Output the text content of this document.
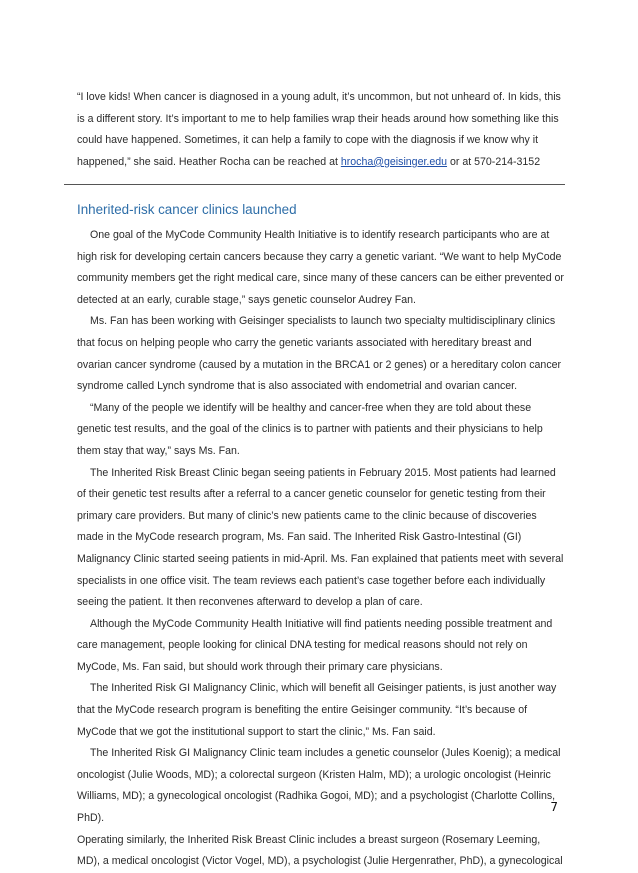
“I love kids! When cancer is diagnosed in a young adult, it’s uncommon, but not unheard of. In kids, this is a different story. It’s important to me to help families wrap their heads around how something like this could have happened. Sometimes, it can help a family to cope with the diagnosis if we know why it happened,” she said. Heather Rocha can be reached at hrocha@geisinger.edu or at 570-214-3152

Inherited-risk cancer clinics launched

One goal of the MyCode Community Health Initiative is to identify research participants who are at high risk for developing certain cancers because they carry a genetic variant. “We want to help MyCode community members get the right medical care, since many of these cancers can be either prevented or detected at an early, curable stage,” says genetic counselor Audrey Fan.

Ms. Fan has been working with Geisinger specialists to launch two specialty multidisciplinary clinics that focus on helping people who carry the genetic variants associated with hereditary breast and ovarian cancer syndrome (caused by a mutation in the BRCA1 or 2 genes) or a hereditary colon cancer syndrome called Lynch syndrome that is also associated with endometrial and ovarian cancer.

“Many of the people we identify will be healthy and cancer-free when they are told about these genetic test results, and the goal of the clinics is to partner with patients and their physicians to help them stay that way,” says Ms. Fan.

The Inherited Risk Breast Clinic began seeing patients in February 2015. Most patients had learned of their genetic test results after a referral to a cancer genetic counselor for genetic testing from their primary care providers. But many of clinic’s new patients came to the clinic because of discoveries made in the MyCode research program, Ms. Fan said. The Inherited Risk Gastro-Intestinal (GI) Malignancy Clinic started seeing patients in mid-April. Ms. Fan explained that patients meet with several specialists in one office visit. The team reviews each patient’s case together before each individually seeing the patient. It then reconvenes afterward to develop a plan of care.

Although the MyCode Community Health Initiative will find patients needing possible treatment and care management, people looking for clinical DNA testing for medical reasons should not rely on MyCode, Ms. Fan said, but should work through their primary care physicians.

The Inherited Risk GI Malignancy Clinic, which will benefit all Geisinger patients, is just another way that the MyCode research program is benefiting the entire Geisinger community. “It’s because of MyCode that we got the institutional support to start the clinic,” Ms. Fan said.

The Inherited Risk GI Malignancy Clinic team includes a genetic counselor (Jules Koenig); a medical oncologist (Julie Woods, MD); a colorectal surgeon (Kristen Halm, MD); a urologic oncologist (Heinric Williams, MD); a gynecological oncologist (Radhika Gogoi, MD); and a psychologist (Charlotte Collins, PhD).

Operating similarly, the Inherited Risk Breast Clinic includes a breast surgeon (Rosemary Leeming, MD), a medical oncologist (Victor Vogel, MD), a psychologist (Julie Hergenrather, PhD), a gynecological

7
